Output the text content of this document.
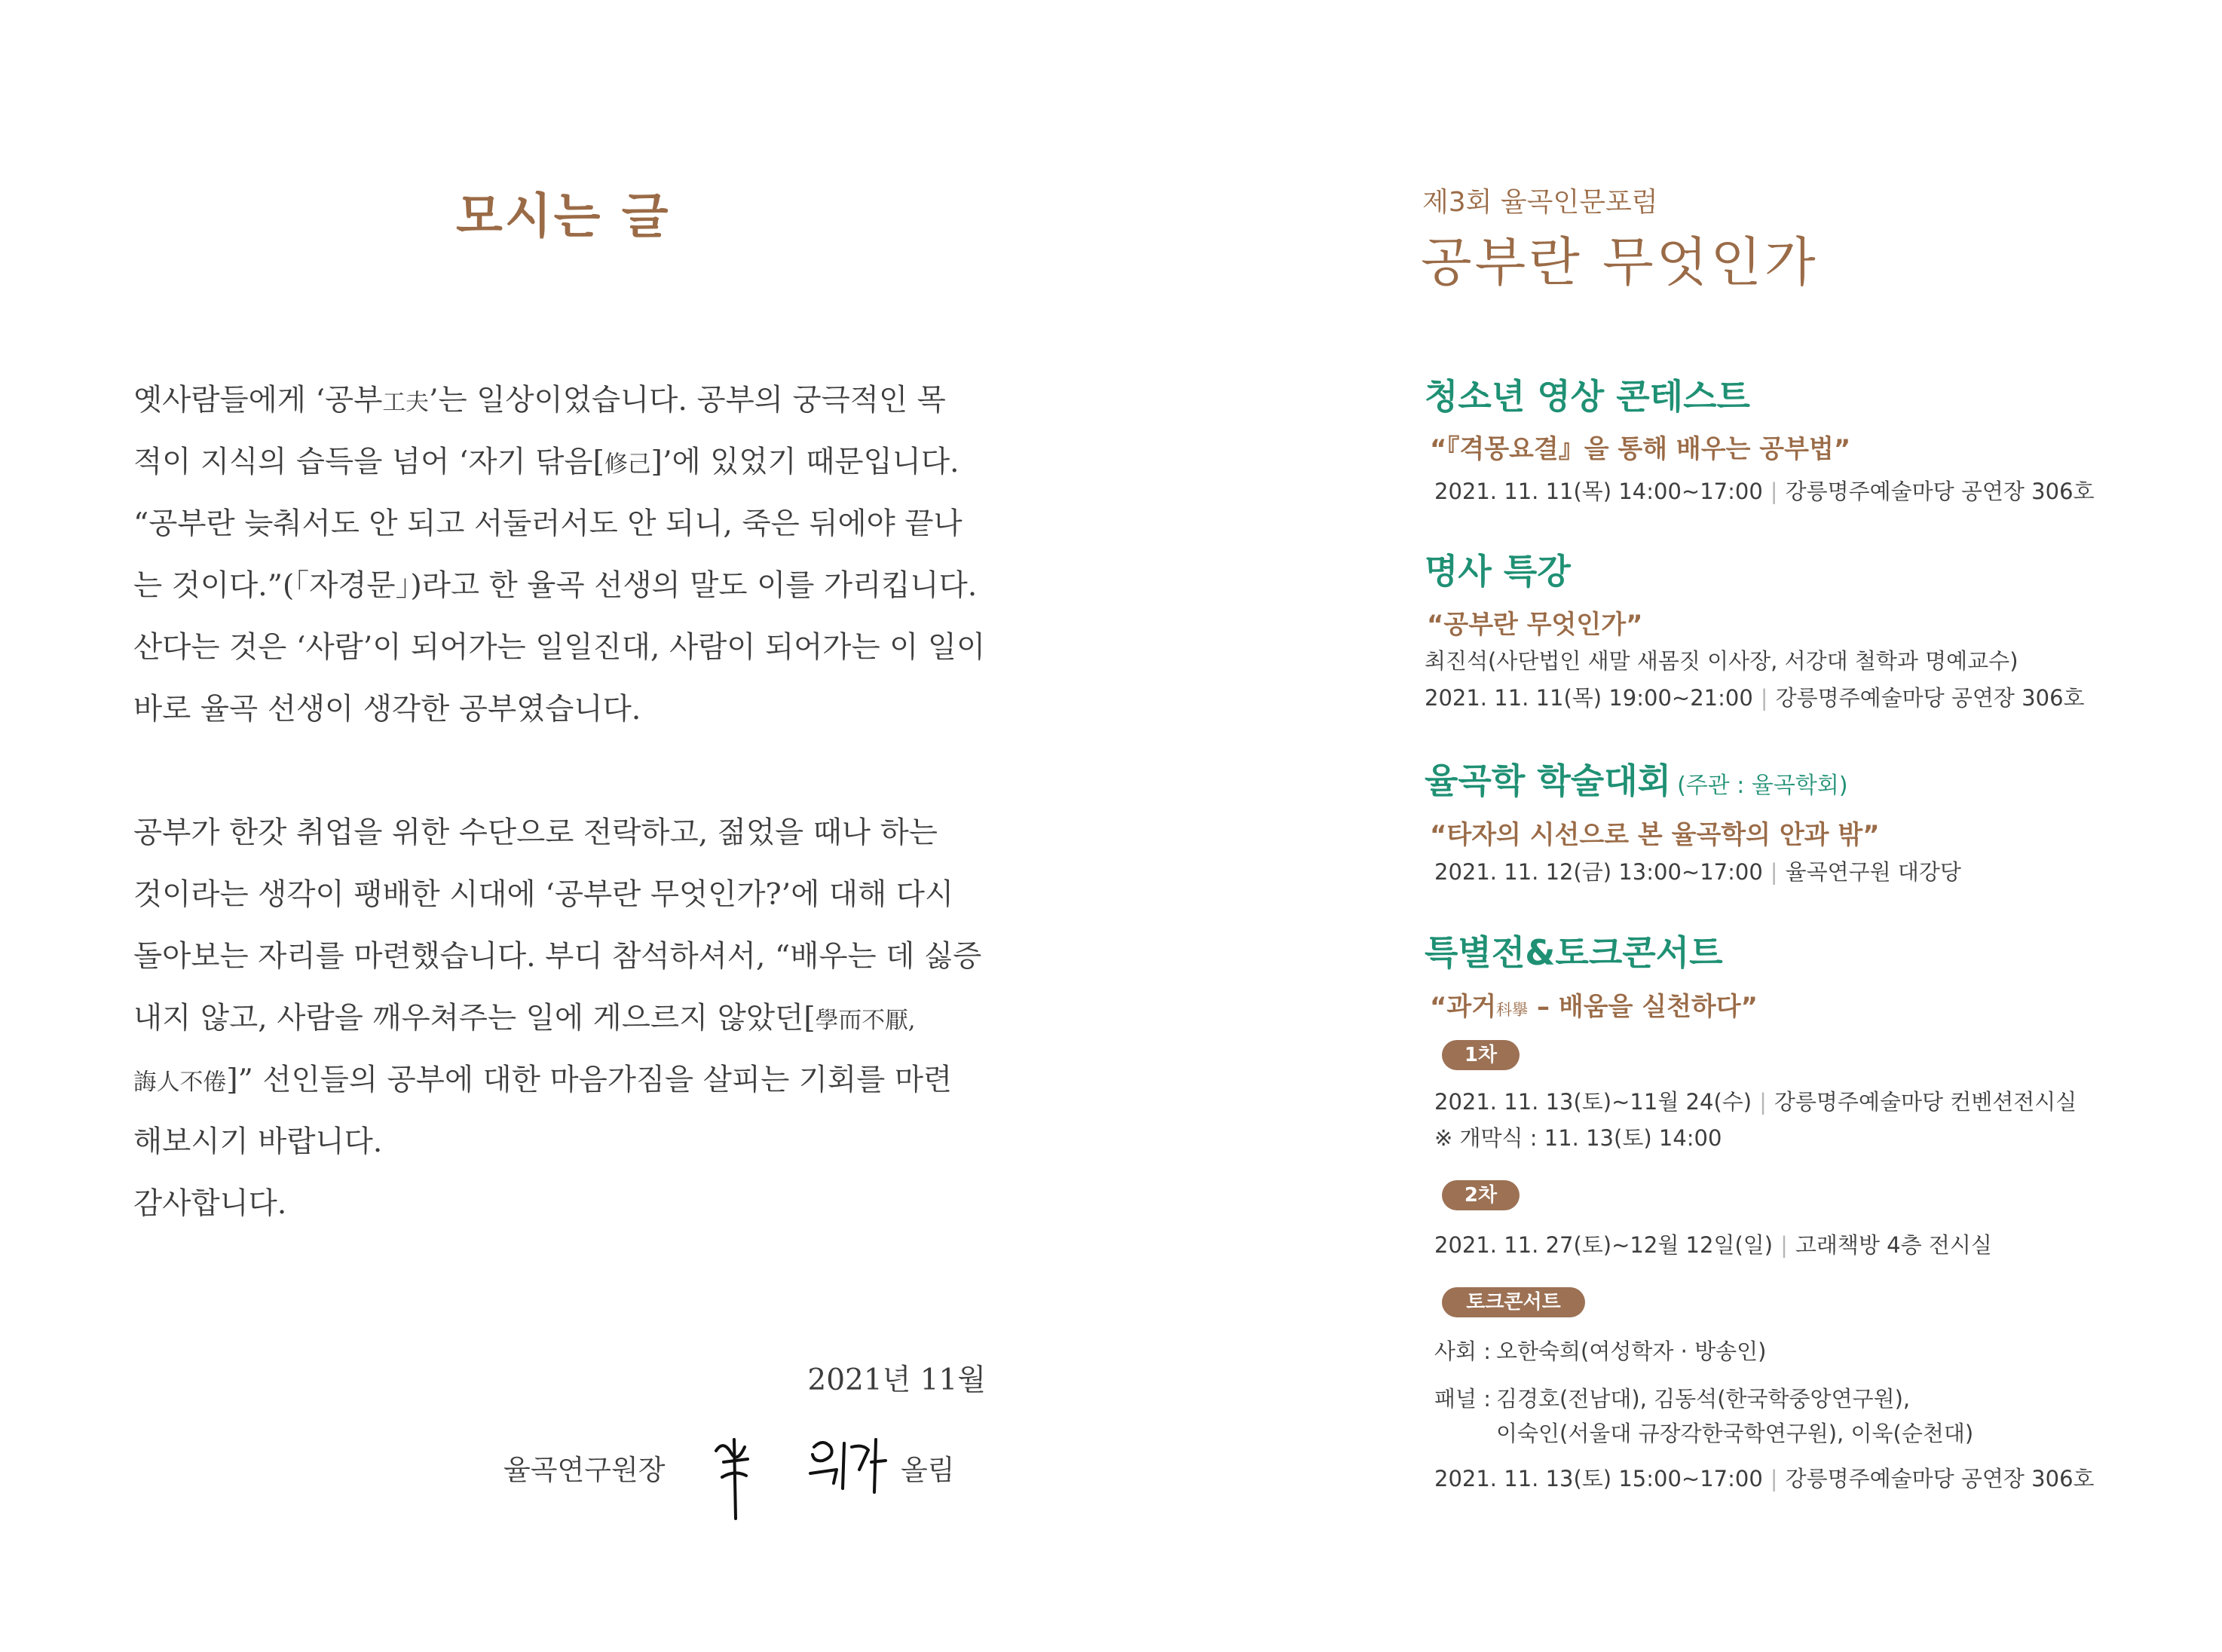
모시는 글
옛사람들에게 ‘공부工夫’는 일상이었습니다. 공부의 궁극적인 목
적이 지식의 습득을 넘어 ‘자기 닦음[修己]’에 있었기 때문입니다.
“공부란 늦춰서도 안 되고 서둘러서도 안 되니, 죽은 뒤에야 끝나
는 것이다.”(「자경문」)라고 한 율곡 선생의 말도 이를 가리킵니다.
산다는 것은 ‘사람’이 되어가는 일일진대, 사람이 되어가는 이 일이
바로 율곡 선생이 생각한 공부였습니다.
공부가 한갓 취업을 위한 수단으로 전락하고, 젊었을 때나 하는
것이라는 생각이 팽배한 시대에 ‘공부란 무엇인가?’에 대해 다시
돌아보는 자리를 마련했습니다. 부디 참석하셔서, “배우는 데 싫증
내지 않고, 사람을 깨우쳐주는 일에 게으르지 않았던[學而不厭,
誨人不倦]” 선인들의 공부에 대한 마음가짐을 살피는 기회를 마련
해보시기 바랍니다.
감사합니다.
2021년 11월
율곡연구원장	올림
제3회 율곡인문포럼
공부란 무엇인가
청소년 영상 콘테스트
“『격몽요결』을 통해 배우는 공부법”
2021. 11. 11(목) 14:00~17:00 | 강릉명주예술마당 공연장 306호
명사 특강
“공부란 무엇인가”
최진석(사단법인 새말 새몸짓 이사장, 서강대 철학과 명예교수)
2021. 11. 11(목) 19:00~21:00 | 강릉명주예술마당 공연장 306호
율곡학 학술대회 (주관 : 율곡학회)
“타자의 시선으로 본 율곡학의 안과 밖”
2021. 11. 12(금) 13:00~17:00 | 율곡연구원 대강당
특별전&토크콘서트
“과거科擧 – 배움을 실천하다”
1차
2021. 11. 13(토)~11월 24(수) | 강릉명주예술마당 컨벤션전시실
※ 개막식 : 11. 13(토) 14:00
2차
2021. 11. 27(토)~12월 12일(일) | 고래책방 4층 전시실
토크콘서트
사회 : 오한숙희(여성학자 · 방송인)
패널 : 김경호(전남대), 김동석(한국학중앙연구원),
이숙인(서울대 규장각한국학연구원), 이욱(순천대)
2021. 11. 13(토) 15:00~17:00 | 강릉명주예술마당 공연장 306호
